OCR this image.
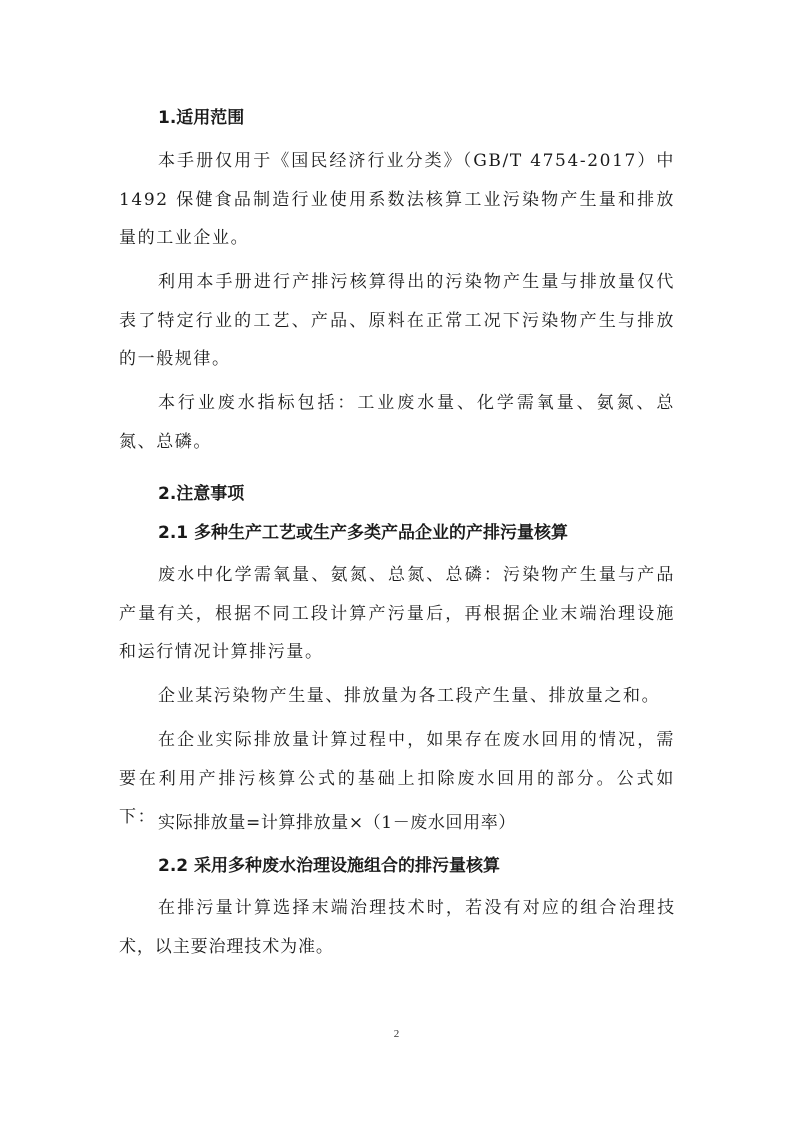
1.适用范围

本手册仅用于《国民经济行业分类》（GB/T 4754-2017）中 1492 保健食品制造行业使用系数法核算工业污染物产生量和排放量的工业企业。

利用本手册进行产排污核算得出的污染物产生量与排放量仅代表了特定行业的工艺、产品、原料在正常工况下污染物产生与排放的一般规律。

本行业废水指标包括：工业废水量、化学需氧量、氨氮、总氮、总磷。

2.注意事项
2.1 多种生产工艺或生产多类产品企业的产排污量核算

废水中化学需氧量、氨氮、总氮、总磷：污染物产生量与产品产量有关，根据不同工段计算产污量后，再根据企业末端治理设施和运行情况计算排污量。

企业某污染物产生量、排放量为各工段产生量、排放量之和。

在企业实际排放量计算过程中，如果存在废水回用的情况，需要在利用产排污核算公式的基础上扣除废水回用的部分。公式如下： 实际排放量=计算排放量×（1－废水回用率）

2.2 采用多种废水治理设施组合的排污量核算

在排污量计算选择末端治理技术时，若没有对应的组合治理技术，以主要治理技术为准。

2
